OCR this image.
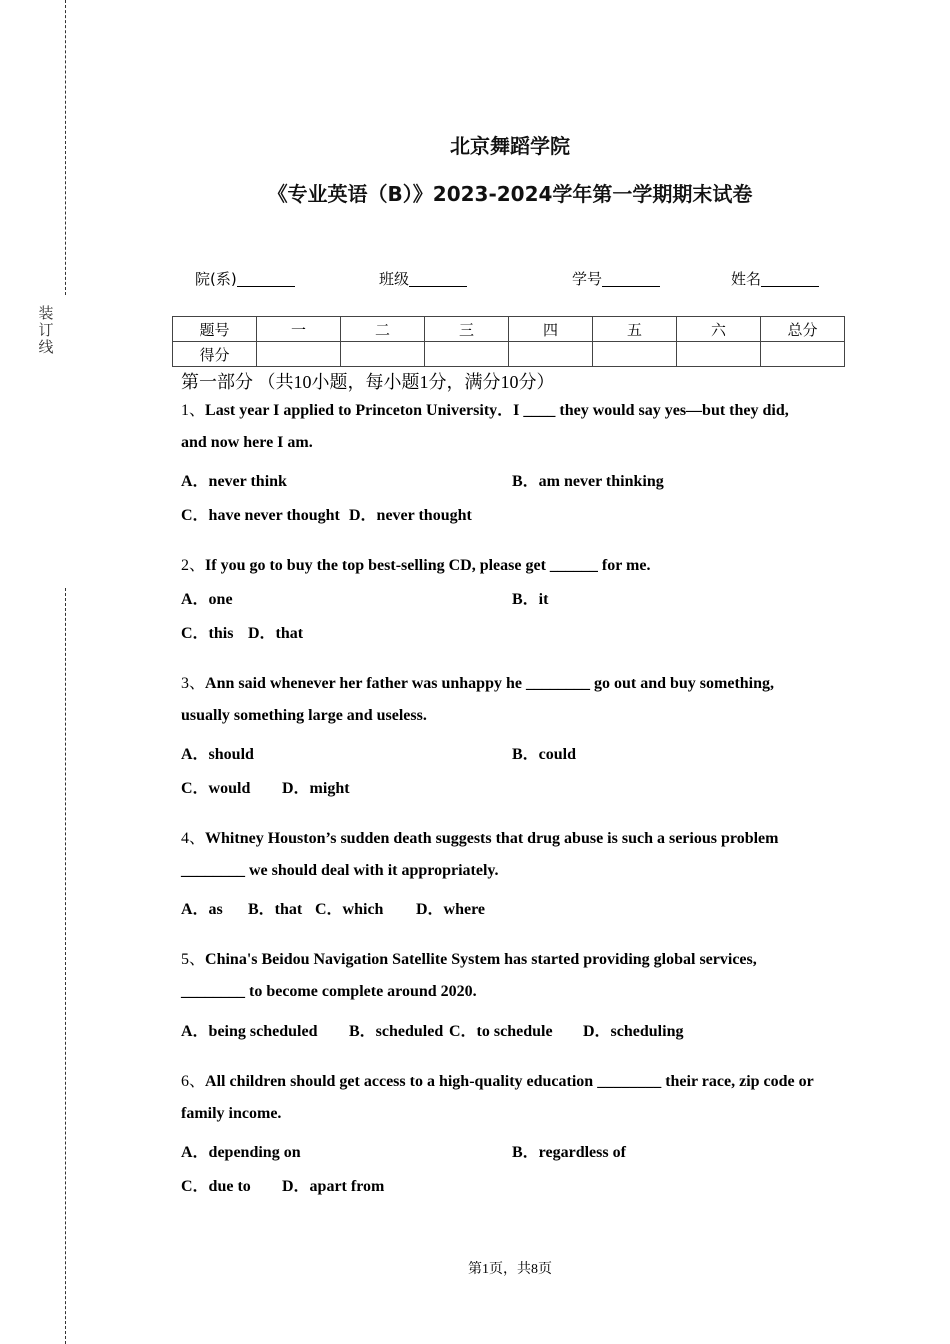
装订线
北京舞蹈学院
《专业英语（B）》2023-2024学年第一学期期末试卷
院(系)	班级	学号	姓名
题号	一	二	三	四	五	六	总分
得分							
第一部分 （共10小题，每小题1分，满分10分）
1、Last year I applied to Princeton University．I ____ they would say yes—but they did,
and now here I am.
A．never think	B．am never thinking
C．have never thought D．never thought
2、If you go to buy the top best-selling CD, please get ______ for me.
A．one	B．it
C．this D．that
3、Ann said whenever her father was unhappy he ________ go out and buy something,
usually something large and useless.
A．should	B．could
C．would D．might
4、Whitney Houston’s sudden death suggests that drug abuse is such a serious problem
________ we should deal with it appropriately.
A．as B．that C．which D．where
5、China's Beidou Navigation Satellite System has started providing global services,
________ to become complete around 2020.
A．being scheduled B．scheduled C．to schedule D．scheduling
6、All children should get access to a high-quality education ________ their race, zip code or
family income.
A．depending on	B．regardless of
C．due to D．apart from
第1页，共8页
